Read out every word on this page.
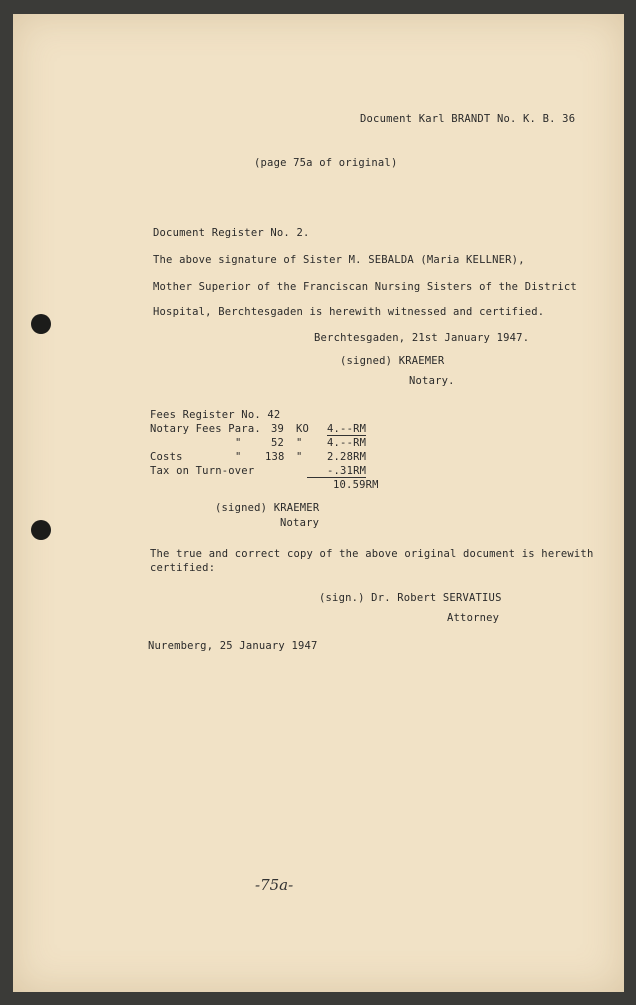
Document Karl BRANDT No. K. B. 36
(page 75a of original)
Document Register No. 2.
The above signature of Sister M. SEBALDA (Maria KELLNER),
Mother Superior of the Franciscan Nursing Sisters of the District
Hospital, Berchtesgaden is herewith witnessed and certified.
Berchtesgaden, 21st January 1947.
(signed) KRAEMER
Notary.
Fees Register No. 42
Notary Fees Para. 39 KO 4.--RM
"	52 " 4.--RM
Costs	" 138 " 2.28RM
Tax on Turn-over	-.31RM
10.59RM
(signed) KRAEMER
Notary
The true and correct copy of the above original document is herewith
certified:
(sign.) Dr. Robert SERVATIUS
Attorney
Nuremberg, 25 January 1947
-75a-
